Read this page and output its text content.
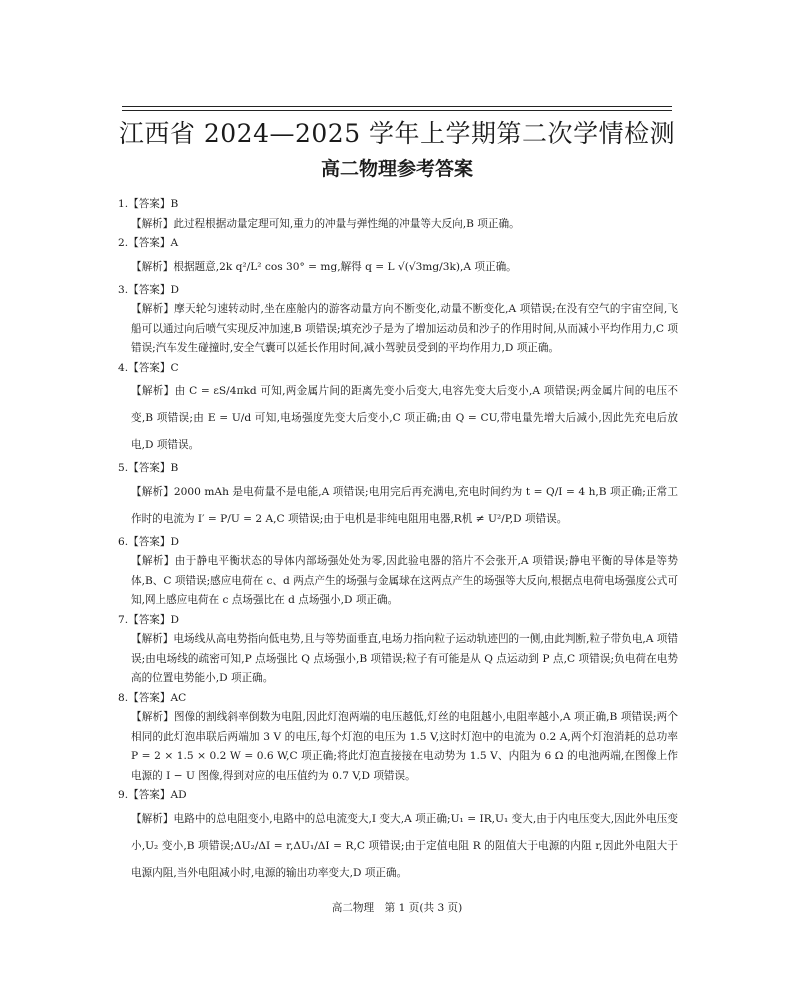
江西省 2024—2025 学年上学期第二次学情检测
高二物理参考答案
1.【答案】B
【解析】此过程根据动量定理可知,重力的冲量与弹性绳的冲量等大反向,B 项正确。
2.【答案】A
【解析】根据题意,2k q²/L² cos 30° = mg,解得 q = L √(√3mg/3k),A 项正确。
3.【答案】D
【解析】摩天轮匀速转动时,坐在座舱内的游客动量方向不断变化,动量不断变化,A 项错误;在没有空气的宇宙空间,飞船可以通过向后喷气实现反冲加速,B 项错误;填充沙子是为了增加运动员和沙子的作用时间,从而减小平均作用力,C 项错误;汽车发生碰撞时,安全气囊可以延长作用时间,减小驾驶员受到的平均作用力,D 项正确。
4.【答案】C
【解析】由 C = εS/4πkd 可知,两金属片间的距离先变小后变大,电容先变大后变小,A 项错误;两金属片间的电压不变,B 项错误;由 E = U/d 可知,电场强度先变大后变小,C 项正确;由 Q = CU,带电量先增大后减小,因此先充电后放电,D 项错误。
5.【答案】B
【解析】2000 mAh 是电荷量不是电能,A 项错误;电用完后再充满电,充电时间约为 t = Q/I = 4 h,B 项正确;正常工作时的电流为 I′ = P/U = 2 A,C 项错误;由于电机是非纯电阻用电器,R机 ≠ U²/P,D 项错误。
6.【答案】D
【解析】由于静电平衡状态的导体内部场强处处为零,因此验电器的箔片不会张开,A 项错误;静电平衡的导体是等势体,B、C 项错误;感应电荷在 c、d 两点产生的场强与金属球在这两点产生的场强等大反向,根据点电荷电场强度公式可知,网上感应电荷在 c 点场强比在 d 点场强小,D 项正确。
7.【答案】D
【解析】电场线从高电势指向低电势,且与等势面垂直,电场力指向粒子运动轨迹凹的一侧,由此判断,粒子带负电,A 项错误;由电场线的疏密可知,P 点场强比 Q 点场强小,B 项错误;粒子有可能是从 Q 点运动到 P 点,C 项错误;负电荷在电势高的位置电势能小,D 项正确。
8.【答案】AC
【解析】图像的割线斜率倒数为电阻,因此灯泡两端的电压越低,灯丝的电阻越小,电阻率越小,A 项正确,B 项错误;两个相同的此灯泡串联后两端加 3 V 的电压,每个灯泡的电压为 1.5 V,这时灯泡中的电流为 0.2 A,两个灯泡消耗的总功率 P = 2 × 1.5 × 0.2 W = 0.6 W,C 项正确;将此灯泡直接接在电动势为 1.5 V、内阻为 6 Ω 的电池两端,在图像上作电源的 I − U 图像,得到对应的电压值约为 0.7 V,D 项错误。
9.【答案】AD
【解析】电路中的总电阻变小,电路中的总电流变大,I 变大,A 项正确;U₁ = IR,U₁ 变大,由于内电压变大,因此外电压变小,U₂ 变小,B 项错误;ΔU₂/ΔI = r,ΔU₁/ΔI = R,C 项错误;由于定值电阻 R 的阻值大于电源的内阻 r,因此外电阻大于电源内阻,当外电阻减小时,电源的输出功率变大,D 项正确。
高二物理　第 1 页(共 3 页)
